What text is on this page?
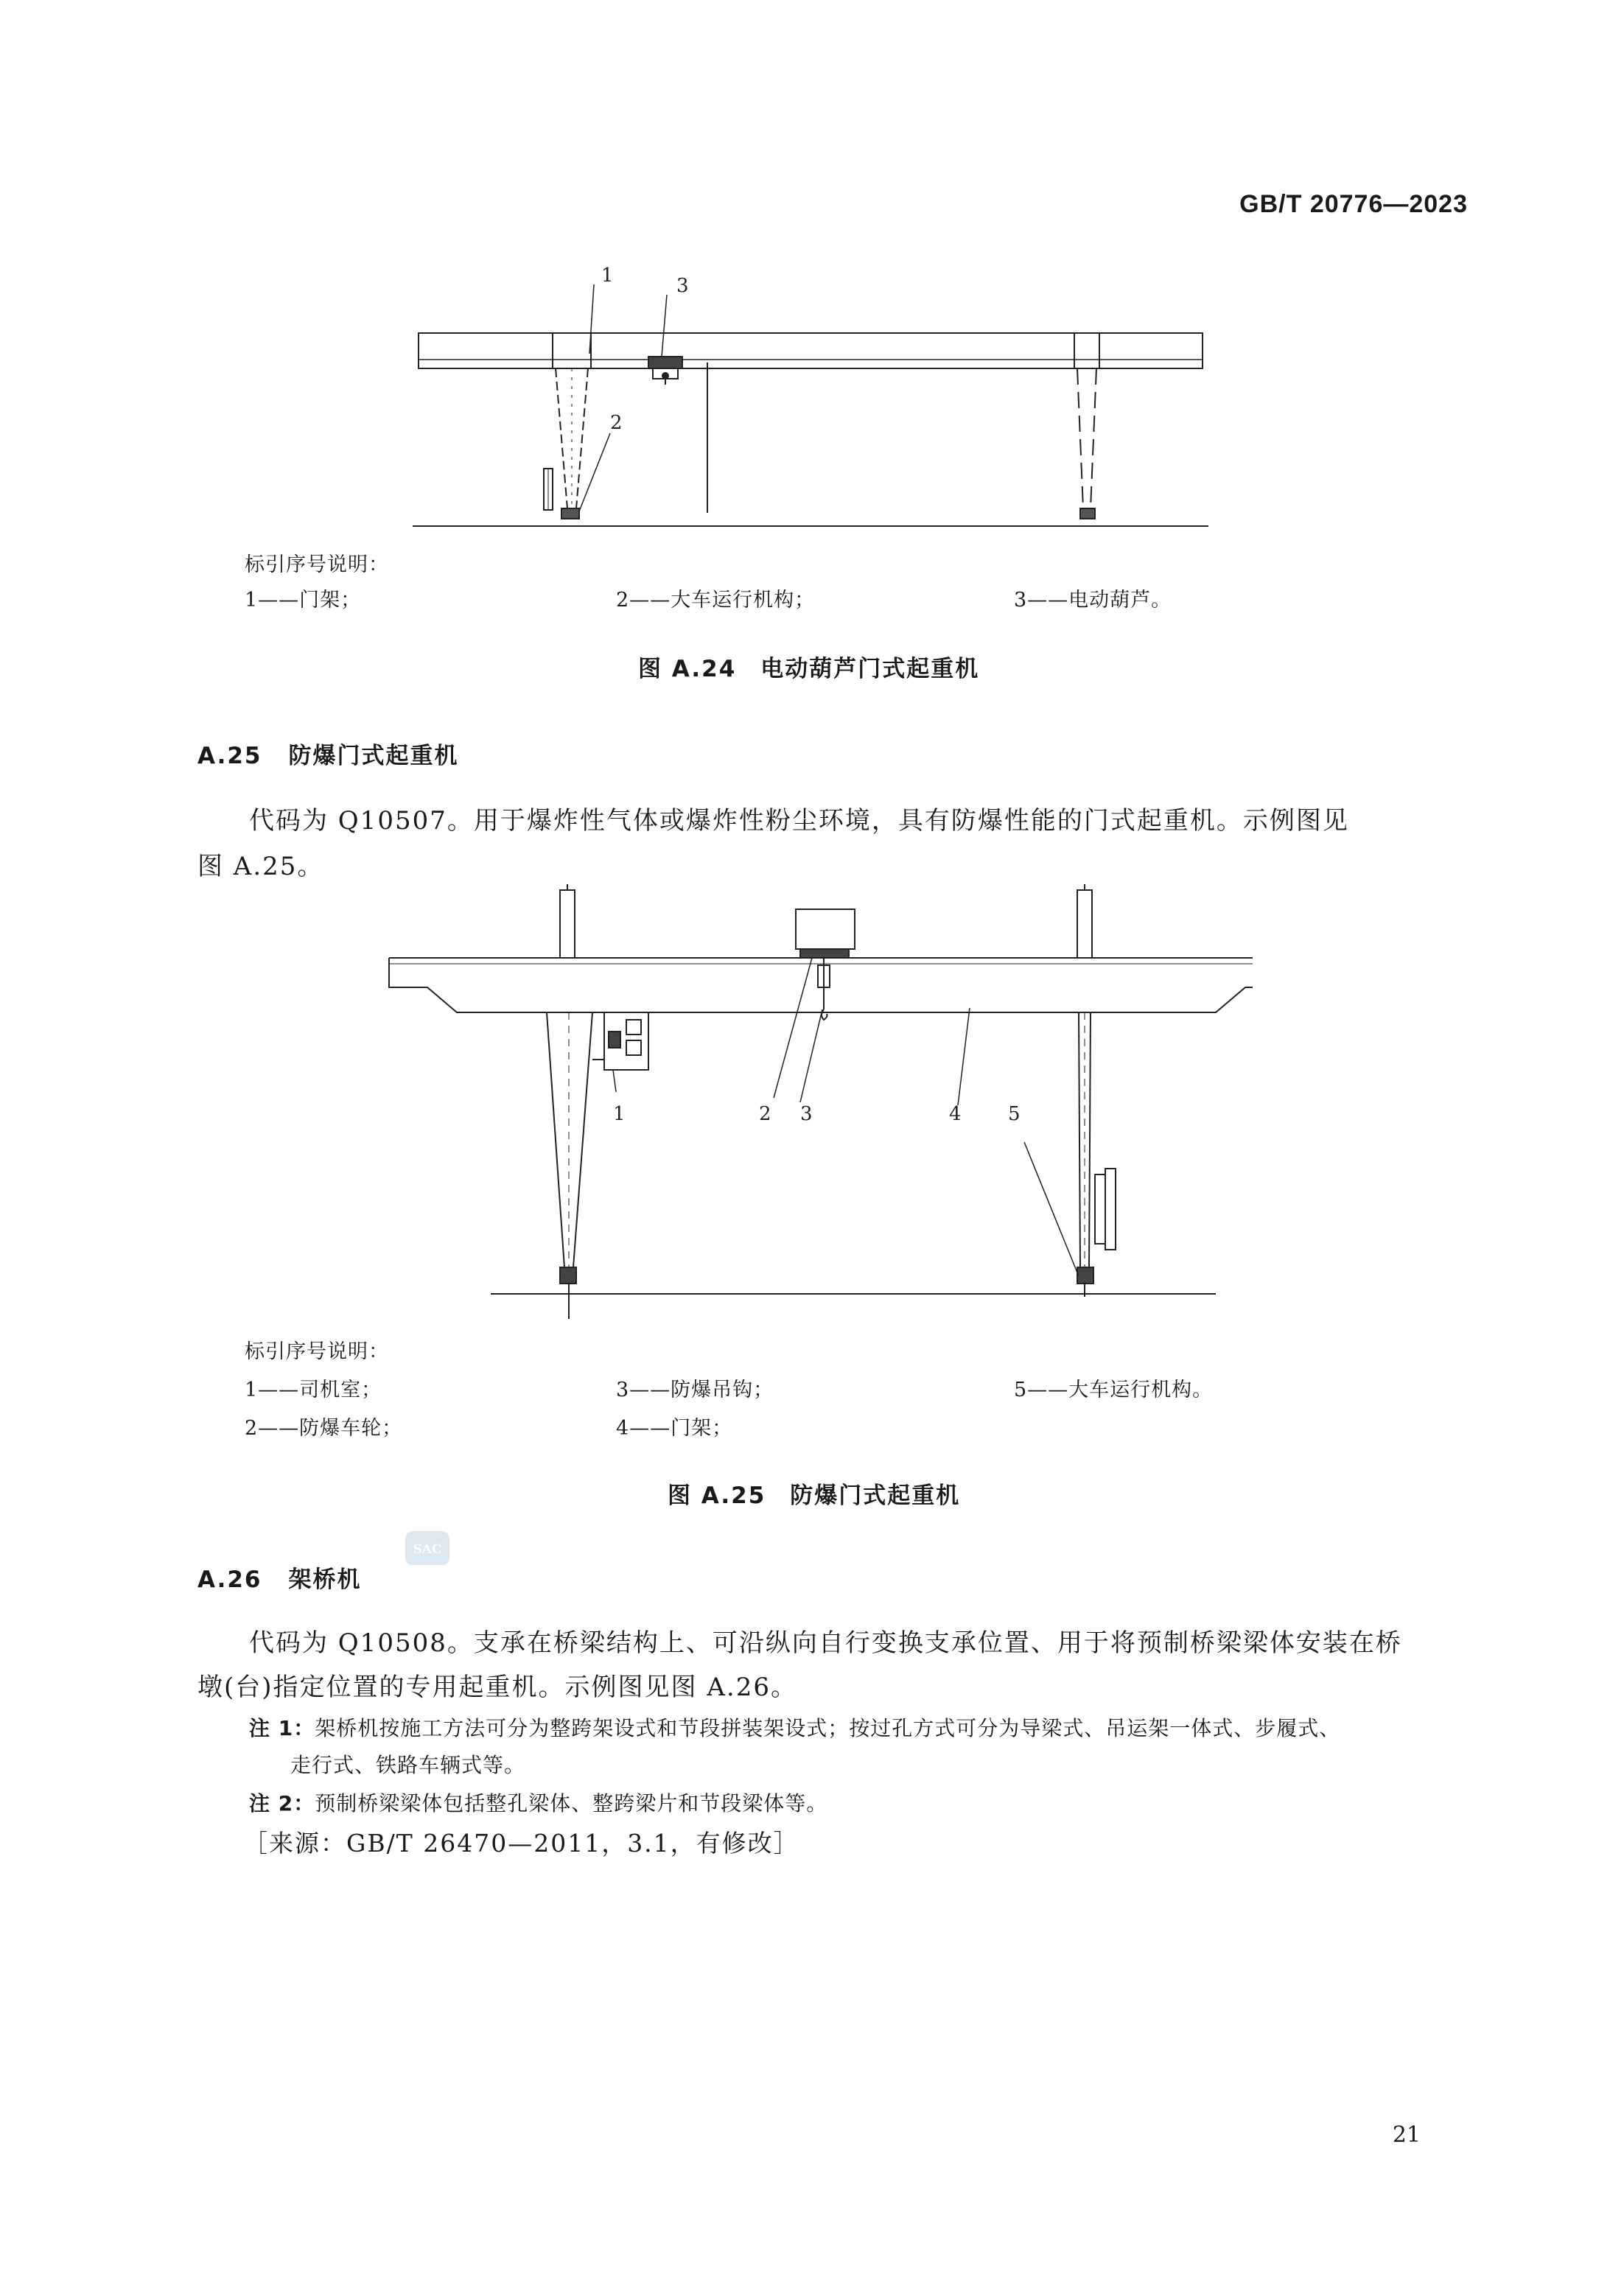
GB/T 20776—2023
1
2
3
标引序号说明：
1——门架；	2——大车运行机构；	3——电动葫芦。
图 A.24　电动葫芦门式起重机
A.25 防爆门式起重机
代码为 Q10507。用于爆炸性气体或爆炸性粉尘环境，具有防爆性能的门式起重机。示例图见
图 A.25。
1	2 3	4 5
标引序号说明：
1——司机室；	3——防爆吊钩；	5——大车运行机构。
2——防爆车轮；	4——门架；
图 A.25　防爆门式起重机
SAC
A.26 架桥机
代码为 Q10508。支承在桥梁结构上、可沿纵向自行变换支承位置、用于将预制桥梁梁体安装在桥
墩(台)指定位置的专用起重机。示例图见图 A.26。
注 1：架桥机按施工方法可分为整跨架设式和节段拼装架设式；按过孔方式可分为导梁式、吊运架一体式、步履式、
走行式、铁路车辆式等。
注 2：预制桥梁梁体包括整孔梁体、整跨梁片和节段梁体等。
［来源：GB/T 26470—2011，3.1，有修改］
21
